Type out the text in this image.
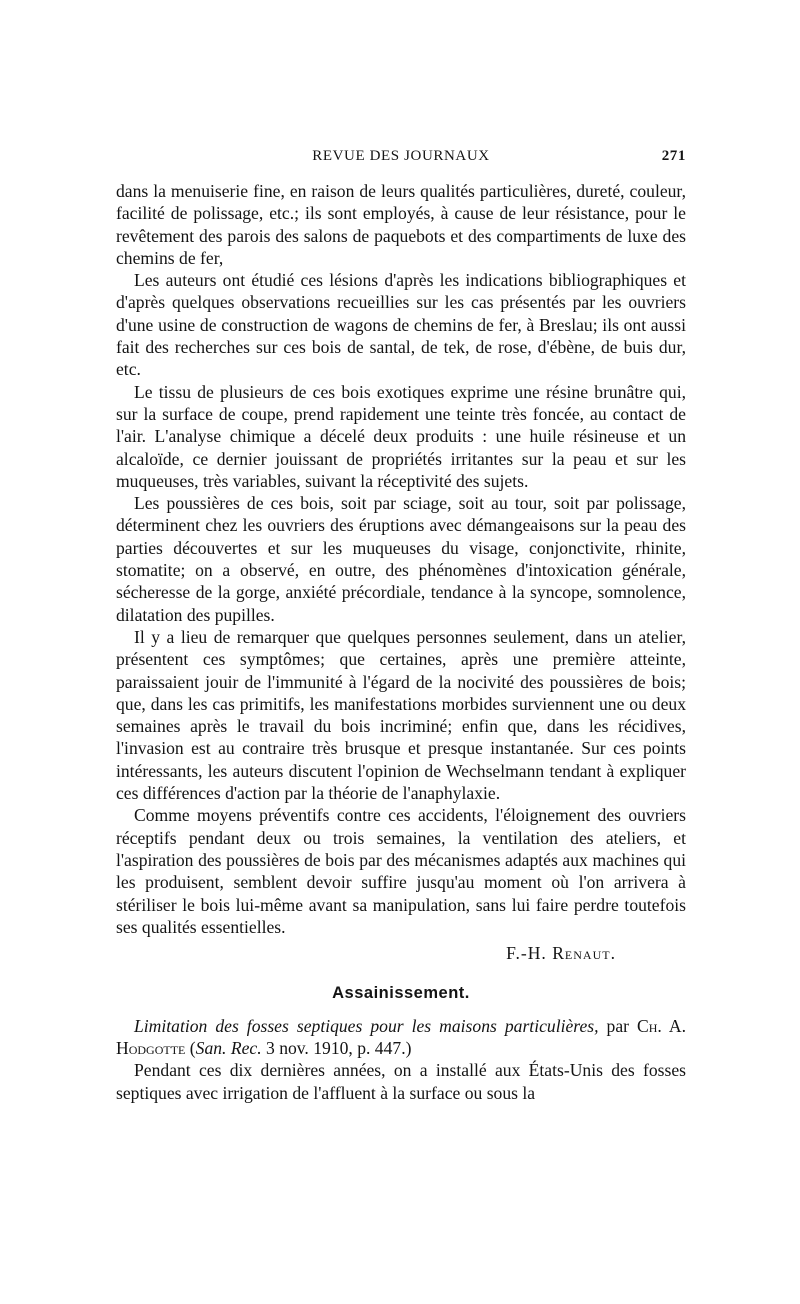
REVUE DES JOURNAUX	271

dans la menuiserie fine, en raison de leurs qualités particulières, dureté, couleur, facilité de polissage, etc.; ils sont employés, à cause de leur résistance, pour le revêtement des parois des salons de paquebots et des compartiments de luxe des chemins de fer,

Les auteurs ont étudié ces lésions d'après les indications bibliographiques et d'après quelques observations recueillies sur les cas présentés par les ouvriers d'une usine de construction de wagons de chemins de fer, à Breslau; ils ont aussi fait des recherches sur ces bois de santal, de tek, de rose, d'ébène, de buis dur, etc.

Le tissu de plusieurs de ces bois exotiques exprime une résine brunâtre qui, sur la surface de coupe, prend rapidement une teinte très foncée, au contact de l'air. L'analyse chimique a décelé deux produits : une huile résineuse et un alcaloïde, ce dernier jouissant de propriétés irritantes sur la peau et sur les muqueuses, très variables, suivant la réceptivité des sujets.

Les poussières de ces bois, soit par sciage, soit au tour, soit par polissage, déterminent chez les ouvriers des éruptions avec démangeaisons sur la peau des parties découvertes et sur les muqueuses du visage, conjonctivite, rhinite, stomatite; on a observé, en outre, des phénomènes d'intoxication générale, sécheresse de la gorge, anxiété précordiale, tendance à la syncope, somnolence, dilatation des pupilles.

Il y a lieu de remarquer que quelques personnes seulement, dans un atelier, présentent ces symptômes; que certaines, après une première atteinte, paraissaient jouir de l'immunité à l'égard de la nocivité des poussières de bois; que, dans les cas primitifs, les manifestations morbides surviennent une ou deux semaines après le travail du bois incriminé; enfin que, dans les récidives, l'invasion est au contraire très brusque et presque instantanée. Sur ces points intéressants, les auteurs discutent l'opinion de Wechselmann tendant à expliquer ces différences d'action par la théorie de l'anaphylaxie.

Comme moyens préventifs contre ces accidents, l'éloignement des ouvriers réceptifs pendant deux ou trois semaines, la ventilation des ateliers, et l'aspiration des poussières de bois par des mécanismes adaptés aux machines qui les produisent, semblent devoir suffire jusqu'au moment où l'on arrivera à stériliser le bois lui-même avant sa manipulation, sans lui faire perdre toutefois ses qualités essentielles.

F.-H. Renaut.
Assainissement.

Limitation des fosses septiques pour les maisons particulières, par Ch. A. Hodgotte (San. Rec. 3 nov. 1910, p. 447.)

Pendant ces dix dernières années, on a installé aux États-Unis des fosses septiques avec irrigation de l'affluent à la surface ou sous la
